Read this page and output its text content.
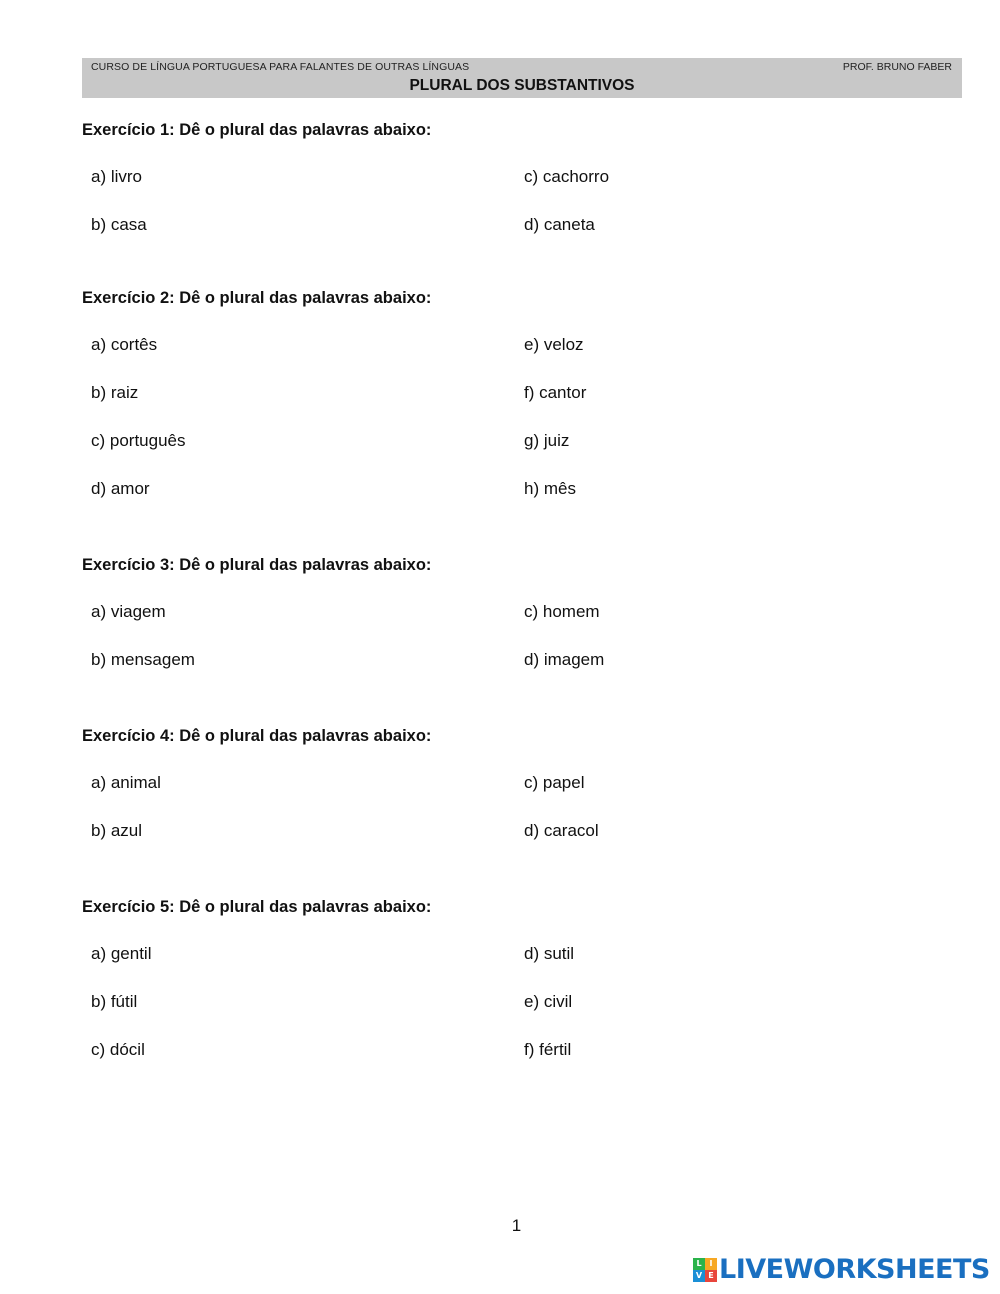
CURSO DE LÍNGUA PORTUGUESA PARA FALANTES DE OUTRAS LÍNGUAS	PROF. BRUNO FABER
PLURAL DOS SUBSTANTIVOS
Exercício 1: Dê o plural das palavras abaixo:
a) livro
b) casa
c) cachorro
d) caneta
Exercício 2: Dê o plural das palavras abaixo:
a) cortês
b) raiz
c) português
d) amor
e) veloz
f) cantor
g) juiz
h) mês
Exercício 3: Dê o plural das palavras abaixo:
a) viagem
b) mensagem
c) homem
d) imagem
Exercício 4: Dê o plural das palavras abaixo:
a) animal
b) azul
c) papel
d) caracol
Exercício 5: Dê o plural das palavras abaixo:
a) gentil
b) fútil
c) dócil
d) sutil
e) civil
f) fértil
1
L I
V E LIVEWORKSHEETS
